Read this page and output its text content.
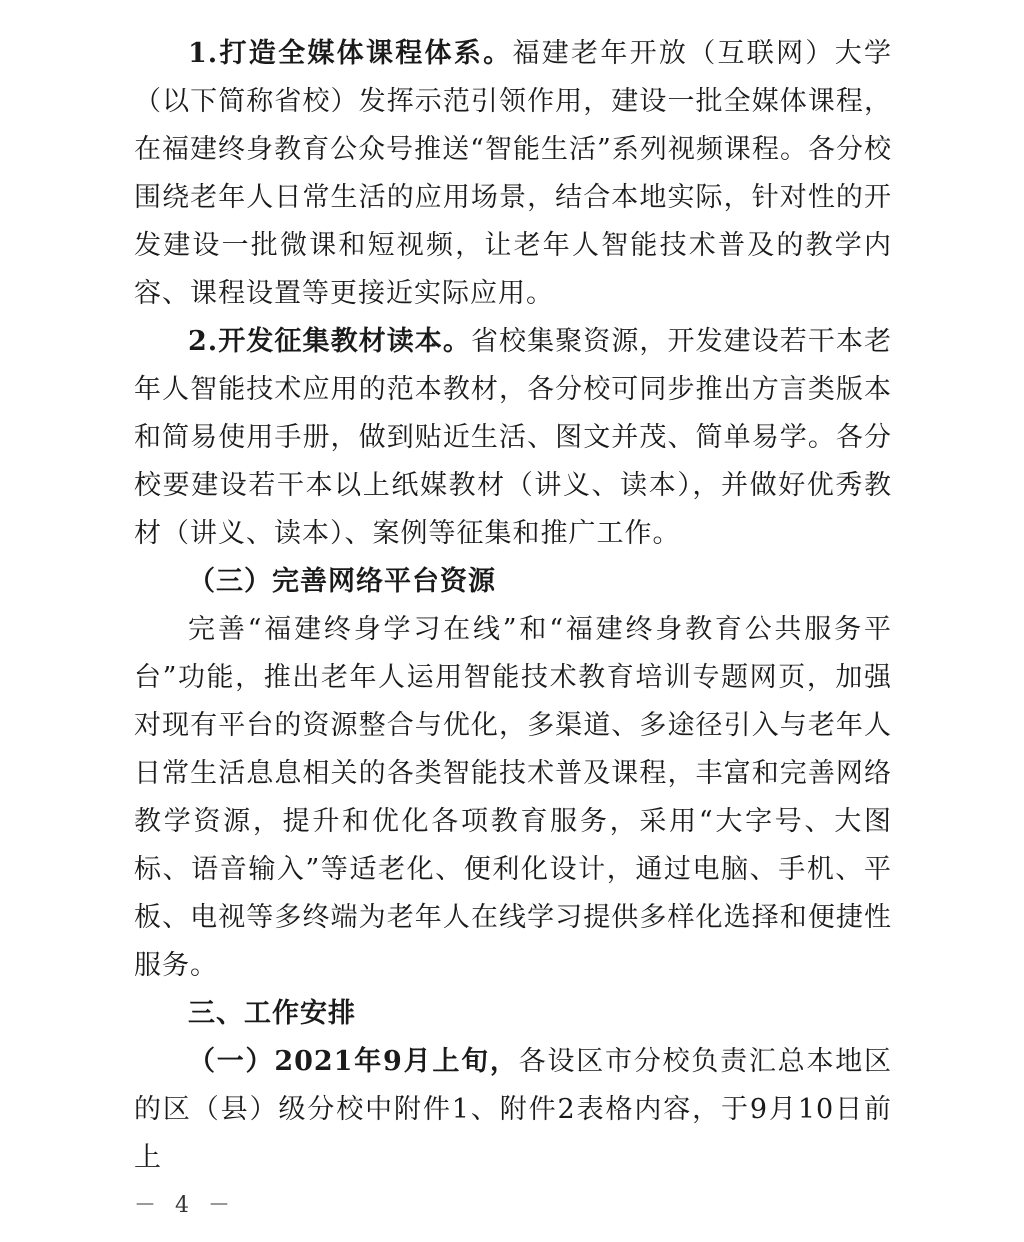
1.打造全媒体课程体系。福建老年开放（互联网）大学（以下简称省校）发挥示范引领作用，建设一批全媒体课程，在福建终身教育公众号推送“智能生活”系列视频课程。各分校围绕老年人日常生活的应用场景，结合本地实际，针对性的开发建设一批微课和短视频，让老年人智能技术普及的教学内容、课程设置等更接近实际应用。

2.开发征集教材读本。省校集聚资源，开发建设若干本老年人智能技术应用的范本教材，各分校可同步推出方言类版本和简易使用手册，做到贴近生活、图文并茂、简单易学。各分校要建设若干本以上纸媒教材（讲义、读本），并做好优秀教材（讲义、读本）、案例等征集和推广工作。

（三）完善网络平台资源

完善“福建终身学习在线”和“福建终身教育公共服务平台”功能，推出老年人运用智能技术教育培训专题网页，加强对现有平台的资源整合与优化，多渠道、多途径引入与老年人日常生活息息相关的各类智能技术普及课程，丰富和完善网络教学资源，提升和优化各项教育服务，采用“大字号、大图标、语音输入”等适老化、便利化设计，通过电脑、手机、平板、电视等多终端为老年人在线学习提供多样化选择和便捷性服务。

三、工作安排

（一）2021年9月上旬，各设区市分校负责汇总本地区的区（县）级分校中附件1、附件2表格内容，于9月10日前上

－ 4 －
